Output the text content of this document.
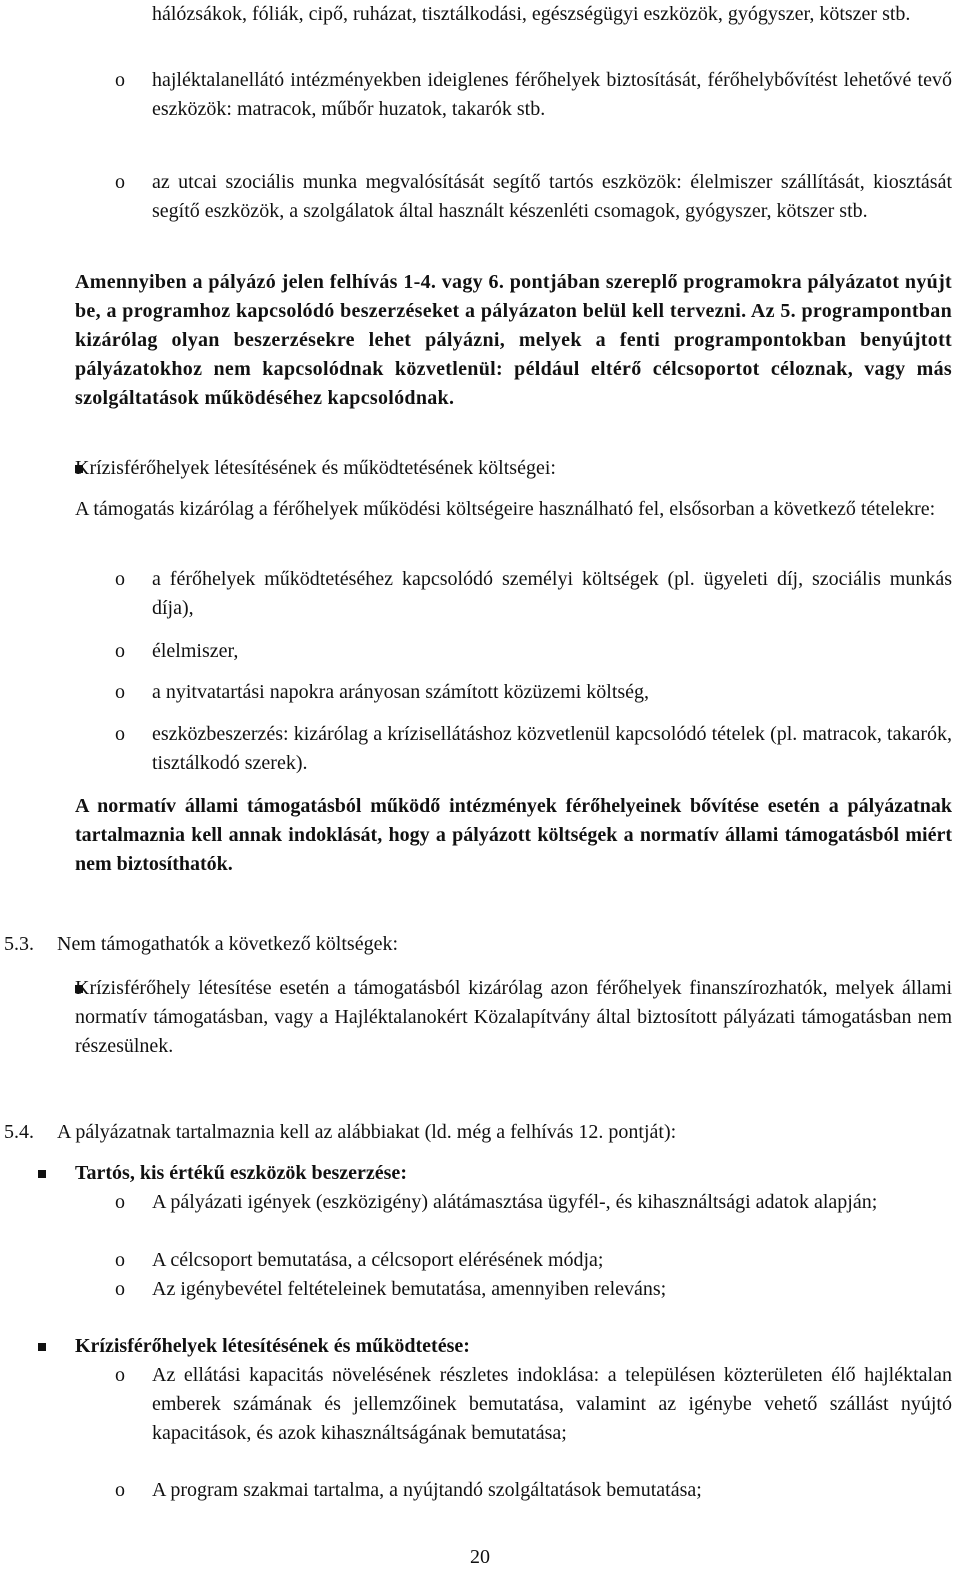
hálózsákok, fóliák, cipő, ruházat, tisztálkodási, egészségügyi eszközök, gyógyszer, kötszer stb.
o hajléktalanellátó intézményekben ideiglenes férőhelyek biztosítását, férőhelybővítést lehetővé tevő eszközök: matracok, műbőr huzatok, takarók stb.
o az utcai szociális munka megvalósítását segítő tartós eszközök: élelmiszer szállítását, kiosztását segítő eszközök, a szolgálatok által használt készenléti csomagok, gyógyszer, kötszer stb.
Amennyiben a pályázó jelen felhívás 1-4. vagy 6. pontjában szereplő programokra pályázatot nyújt be, a programhoz kapcsolódó beszerzéseket a pályázaton belül kell tervezni. Az 5. programpontban kizárólag olyan beszerzésekre lehet pályázni, melyek a fenti programpontokban benyújtott pályázatokhoz nem kapcsolódnak közvetlenül: például eltérő célcsoportot céloznak, vagy más szolgáltatások működéséhez kapcsolódnak.
Krízisférőhelyek létesítésének és működtetésének költségei:
A támogatás kizárólag a férőhelyek működési költségeire használható fel, elsősorban a következő tételekre:
o a férőhelyek működtetéséhez kapcsolódó személyi költségek (pl. ügyeleti díj, szociális munkás díja),
o élelmiszer,
o a nyitvatartási napokra arányosan számított közüzemi költség,
o eszközbeszerzés: kizárólag a krízisellátáshoz közvetlenül kapcsolódó tételek (pl. matracok, takarók, tisztálkodó szerek).
A normatív állami támogatásból működő intézmények férőhelyeinek bővítése esetén a pályázatnak tartalmaznia kell annak indoklását, hogy a pályázott költségek a normatív állami támogatásból miért nem biztosíthatók.
5.3. Nem támogathatók a következő költségek:
Krízisférőhely létesítése esetén a támogatásból kizárólag azon férőhelyek finanszírozhatók, melyek állami normatív támogatásban, vagy a Hajléktalanokért Közalapítvány által biztosított pályázati támogatásban nem részesülnek.
5.4. A pályázatnak tartalmaznia kell az alábbiakat (ld. még a felhívás 12. pontját):
Tartós, kis értékű eszközök beszerzése:
o A pályázati igények (eszközigény) alátámasztása ügyfél-, és kihasználtsági adatok alapján;
o A célcsoport bemutatása, a célcsoport elérésének módja;
o Az igénybevétel feltételeinek bemutatása, amennyiben releváns;
Krízisférőhelyek létesítésének és működtetése:
o Az ellátási kapacitás növelésének részletes indoklása: a településen közterületen élő hajléktalan emberek számának és jellemzőinek bemutatása, valamint az igénybe vehető szállást nyújtó kapacitások, és azok kihasználtságának bemutatása;
o A program szakmai tartalma, a nyújtandó szolgáltatások bemutatása;
20
